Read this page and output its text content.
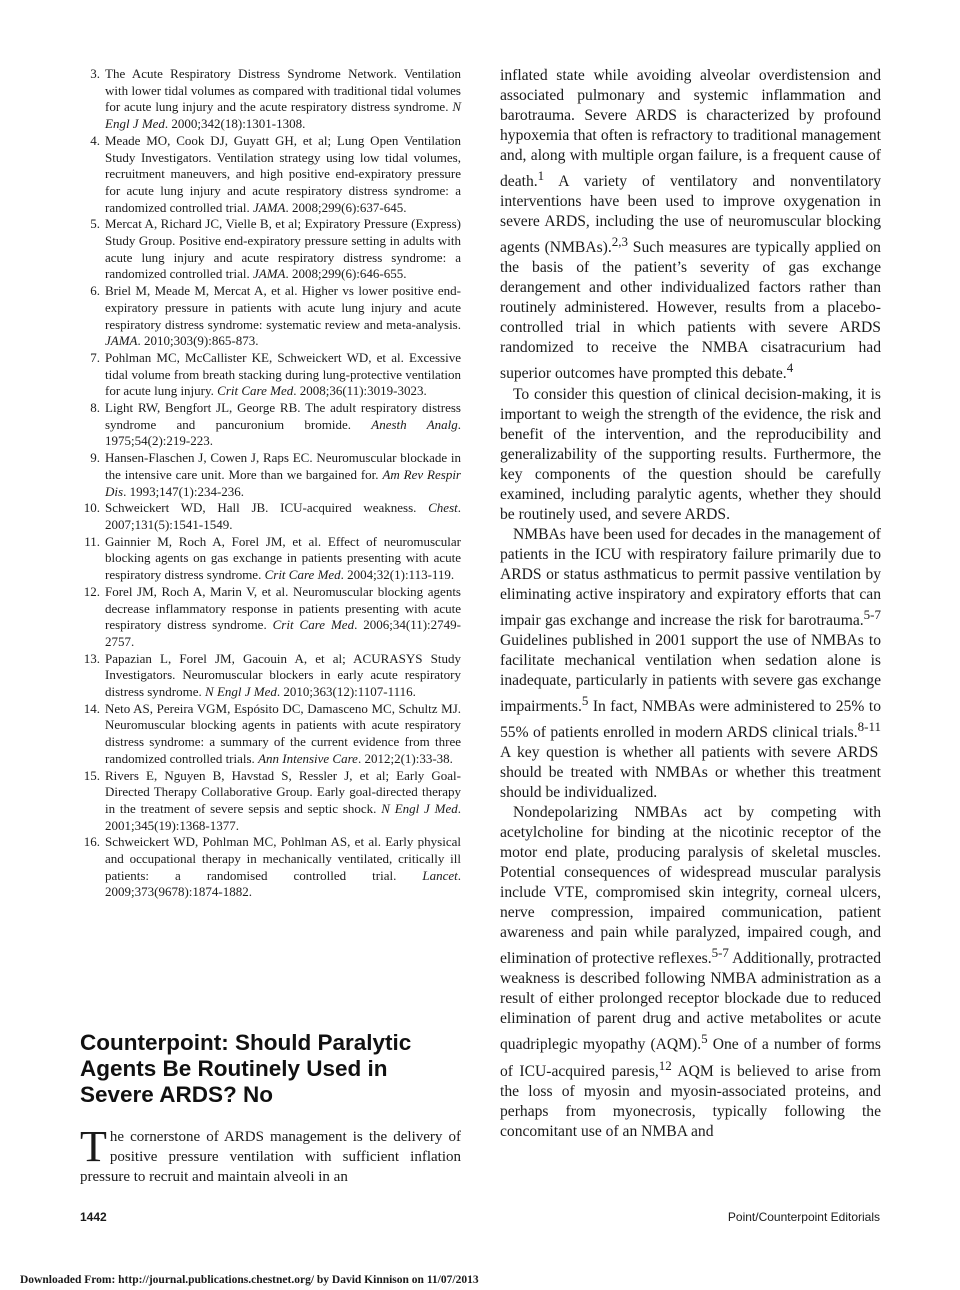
3. The Acute Respiratory Distress Syndrome Network. Ventilation with lower tidal volumes as compared with traditional tidal volumes for acute lung injury and the acute respiratory distress syndrome. N Engl J Med. 2000;342(18):1301-1308.
4. Meade MO, Cook DJ, Guyatt GH, et al; Lung Open Ventilation Study Investigators. Ventilation strategy using low tidal volumes, recruitment maneuvers, and high positive end-expiratory pressure for acute lung injury and acute respiratory distress syndrome: a randomized controlled trial. JAMA. 2008;299(6):637-645.
5. Mercat A, Richard JC, Vielle B, et al; Expiratory Pressure (Express) Study Group. Positive end-expiratory pressure setting in adults with acute lung injury and acute respiratory distress syndrome: a randomized controlled trial. JAMA. 2008;299(6):646-655.
6. Briel M, Meade M, Mercat A, et al. Higher vs lower positive end-expiratory pressure in patients with acute lung injury and acute respiratory distress syndrome: systematic review and meta-analysis. JAMA. 2010;303(9):865-873.
7. Pohlman MC, McCallister KE, Schweickert WD, et al. Excessive tidal volume from breath stacking during lung-protective ventilation for acute lung injury. Crit Care Med. 2008;36(11):3019-3023.
8. Light RW, Bengfort JL, George RB. The adult respiratory distress syndrome and pancuronium bromide. Anesth Analg. 1975;54(2):219-223.
9. Hansen-Flaschen J, Cowen J, Raps EC. Neuromuscular blockade in the intensive care unit. More than we bargained for. Am Rev Respir Dis. 1993;147(1):234-236.
10. Schweickert WD, Hall JB. ICU-acquired weakness. Chest. 2007;131(5):1541-1549.
11. Gainnier M, Roch A, Forel JM, et al. Effect of neuromuscular blocking agents on gas exchange in patients presenting with acute respiratory distress syndrome. Crit Care Med. 2004;32(1):113-119.
12. Forel JM, Roch A, Marin V, et al. Neuromuscular blocking agents decrease inflammatory response in patients presenting with acute respiratory distress syndrome. Crit Care Med. 2006;34(11):2749-2757.
13. Papazian L, Forel JM, Gacouin A, et al; ACURASYS Study Investigators. Neuromuscular blockers in early acute respiratory distress syndrome. N Engl J Med. 2010;363(12):1107-1116.
14. Neto AS, Pereira VGM, Espósito DC, Damasceno MC, Schultz MJ. Neuromuscular blocking agents in patients with acute respiratory distress syndrome: a summary of the current evidence from three randomized controlled trials. Ann Intensive Care. 2012;2(1):33-38.
15. Rivers E, Nguyen B, Havstad S, Ressler J, et al; Early Goal-Directed Therapy Collaborative Group. Early goal-directed therapy in the treatment of severe sepsis and septic shock. N Engl J Med. 2001;345(19):1368-1377.
16. Schweickert WD, Pohlman MC, Pohlman AS, et al. Early physical and occupational therapy in mechanically ventilated, critically ill patients: a randomised controlled trial. Lancet. 2009;373(9678):1874-1882.
Counterpoint: Should Paralytic Agents Be Routinely Used in Severe ARDS? No

The cornerstone of ARDS management is the delivery of positive pressure ventilation with sufficient inflation pressure to recruit and maintain alveoli in an

inflated state while avoiding alveolar overdistension and associated pulmonary and systemic inflammation and barotrauma. Severe ARDS is characterized by profound hypoxemia that often is refractory to traditional management and, along with multiple organ failure, is a frequent cause of death.$^1$ A variety of ventilatory and nonventilatory interventions have been used to improve oxygenation in severe ARDS, including the use of neuromuscular blocking agents (NMBAs).$^{2,3}$ Such measures are typically applied on the basis of the patient’s severity of gas exchange derangement and other individualized factors rather than routinely administered. However, results from a placebo-controlled trial in which patients with severe ARDS randomized to receive the NMBA cisatracurium had superior outcomes have prompted this debate.$^4$

To consider this question of clinical decision-making, it is important to weigh the strength of the evidence, the risk and benefit of the intervention, and the reproducibility and generalizability of the supporting results. Furthermore, the key components of the question should be carefully examined, including paralytic agents, whether they should be routinely used, and severe ARDS.

NMBAs have been used for decades in the management of patients in the ICU with respiratory failure primarily due to ARDS or status asthmaticus to permit passive ventilation by eliminating active inspiratory and expiratory efforts that can impair gas exchange and increase the risk for barotrauma.$^{5-7}$ Guidelines published in 2001 support the use of NMBAs to facilitate mechanical ventilation when sedation alone is inadequate, particularly in patients with severe gas exchange impairments.$^5$ In fact, NMBAs were administered to 25% to 55% of patients enrolled in modern ARDS clinical trials.$^{8-11}$ A key question is whether all patients with severe ARDS should be treated with NMBAs or whether this treatment should be individualized.

Nondepolarizing NMBAs act by competing with acetylcholine for binding at the nicotinic receptor of the motor end plate, producing paralysis of skeletal muscles. Potential consequences of widespread muscular paralysis include VTE, compromised skin integrity, corneal ulcers, nerve compression, impaired communication, patient awareness and pain while paralyzed, impaired cough, and elimination of protective reflexes.$^{5-7}$ Additionally, protracted weakness is described following NMBA administration as a result of either prolonged receptor blockade due to reduced elimination of parent drug and active metabolites or acute quadriplegic myopathy (AQM).$^5$ One of a number of forms of ICU-acquired paresis,$^{12}$ AQM is believed to arise from the loss of myosin and myosin-associated proteins, and perhaps from myonecrosis, typically following the concomitant use of an NMBA and

1442	Point/Counterpoint Editorials
Downloaded From: http://journal.publications.chestnet.org/ by David Kinnison on 11/07/2013
